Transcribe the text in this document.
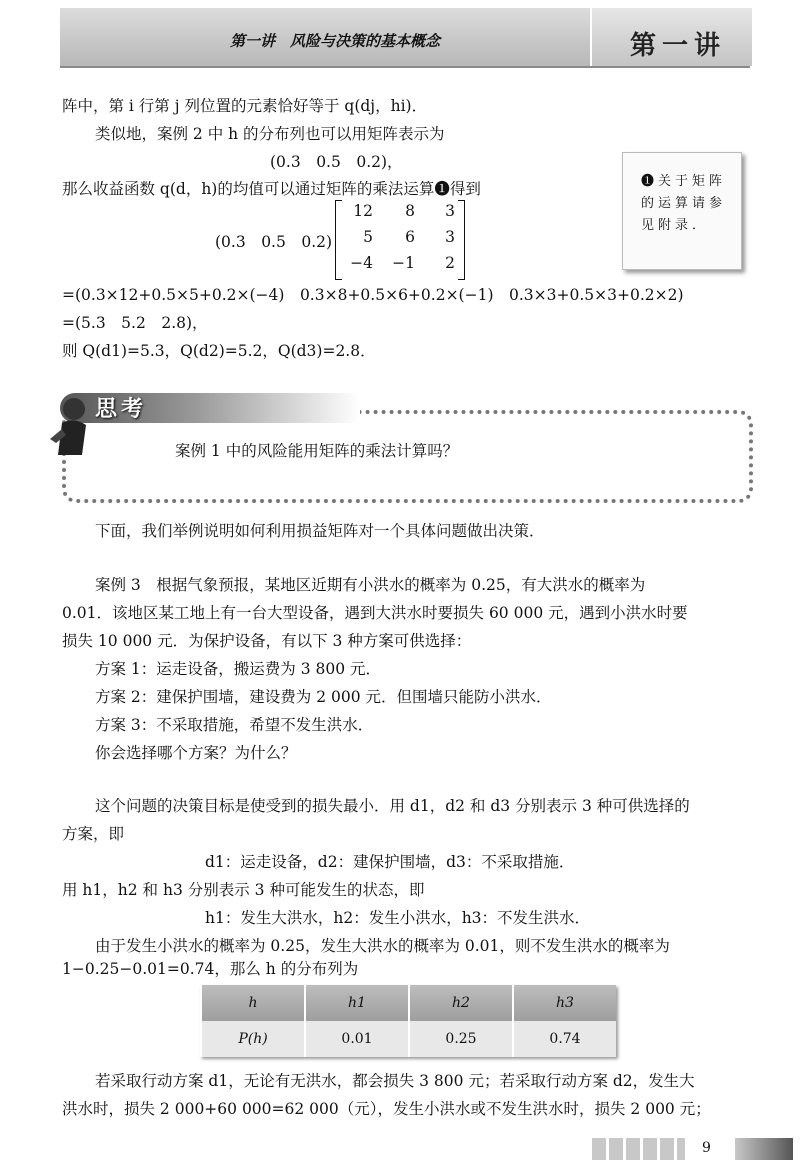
第一讲　风险与决策的基本概念	第一讲
阵中，第 i 行第 j 列位置的元素恰好等于 q(dj，hi)．
类似地，案例 2 中 h 的分布列也可以用矩阵表示为
(0.3　0.5　0.2)，
那么收益函数 q(d，h)的均值可以通过矩阵的乘法运算❶得到
(0.3　0.5　0.2)
12	8	3
5	6	3
−4	−1	2
❶关于矩阵的运算请参见附录．
=(0.3×12+0.5×5+0.2×(−4)　0.3×8+0.5×6+0.2×(−1)　0.3×3+0.5×3+0.2×2)
=(5.3　5.2　2.8)，
则 Q(d1)=5.3，Q(d2)=5.2，Q(d3)=2.8．
思考
案例 1 中的风险能用矩阵的乘法计算吗？
下面，我们举例说明如何利用损益矩阵对一个具体问题做出决策．
案例 3　根据气象预报，某地区近期有小洪水的概率为 0.25，有大洪水的概率为
0.01．该地区某工地上有一台大型设备，遇到大洪水时要损失 60 000 元，遇到小洪水时要
损失 10 000 元．为保护设备，有以下 3 种方案可供选择：
方案 1：运走设备，搬运费为 3 800 元．
方案 2：建保护围墙，建设费为 2 000 元．但围墙只能防小洪水．
方案 3：不采取措施，希望不发生洪水．
你会选择哪个方案？为什么？
这个问题的决策目标是使受到的损失最小．用 d1，d2 和 d3 分别表示 3 种可供选择的
方案，即
d1：运走设备，d2：建保护围墙，d3：不采取措施．
用 h1，h2 和 h3 分别表示 3 种可能发生的状态，即
h1：发生大洪水，h2：发生小洪水，h3：不发生洪水．
由于发生小洪水的概率为 0.25，发生大洪水的概率为 0.01，则不发生洪水的概率为
1−0.25−0.01=0.74，那么 h 的分布列为
h	h1	h2	h3
P(h)	0.01	0.25	0.74
若采取行动方案 d1，无论有无洪水，都会损失 3 800 元；若采取行动方案 d2，发生大
洪水时，损失 2 000+60 000=62 000（元），发生小洪水或不发生洪水时，损失 2 000 元；
9
